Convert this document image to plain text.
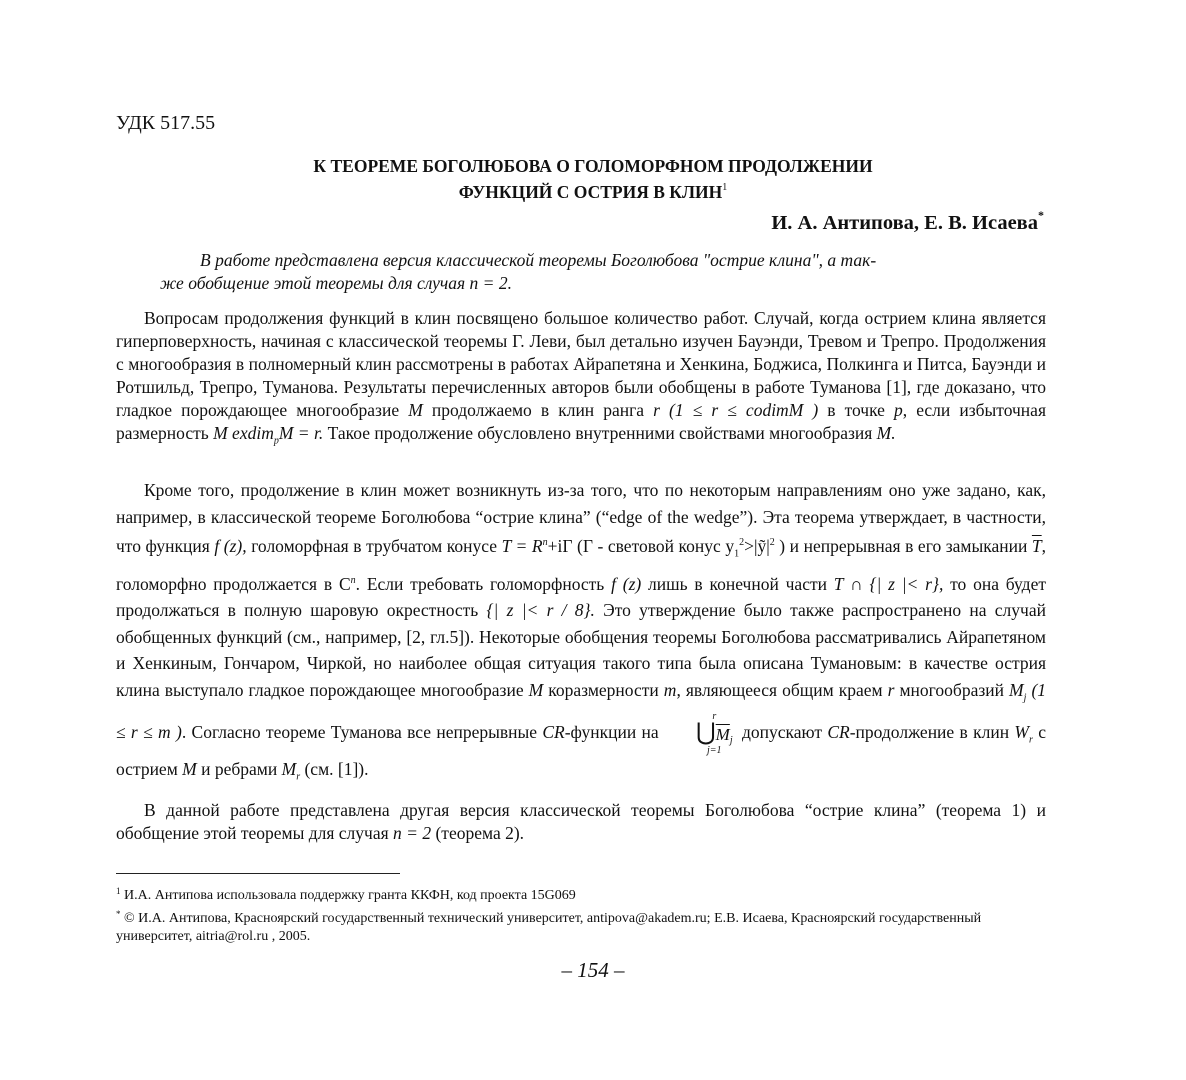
УДК 517.55
К ТЕОРЕМЕ БОГОЛЮБОВА О ГОЛОМОРФНОМ ПРОДОЛЖЕНИИ
ФУНКЦИЙ С ОСТРИЯ В КЛИН$^1$
И. А. Антипова, Е. В. Исаева*
В работе представлена версия классической теоремы Боголюбова "острие клина", а так-
же обобщение этой теоремы для случая n = 2.

Вопросам продолжения функций в клин посвящено большое количество работ. Случай, когда острием клина является гиперповерхность, начиная с классической теоремы Г. Леви, был детально изучен Бауэнди, Тревом и Трепро. Продолжения с многообразия в полномерный клин рассмотрены в работах Айрапетяна и Хенкина, Боджиса, Полкинга и Питса, Бауэнди и Ротшильд, Трепро, Туманова. Результаты перечисленных авторов были обобщены в работе Туманова [1], где доказано, что гладкое порождающее многообразие M продолжаемо в клин ранга r (1 ≤ r ≤ codimM ) в точке p, если избыточная размерность M exdim$_p$M = r. Такое продолжение обусловлено внутренними свойствами многообразия M.

Кроме того, продолжение в клин может возникнуть из-за того, что по некоторым направлениям оно уже задано, как, например, в классической теореме Боголюбова “острие клина” (“edge of the wedge”). Эта теорема утверждает, в частности, что функция f (z), голоморфная в трубчатом конусе $T = R^n+i\Gamma$ (Γ - световой конус $y_1^2>|ỹ|^2$ ) и непрерывная в его замыкании $\overline{T}$, голоморфно продолжается в $C^n$. Если требовать голоморфность f (z) лишь в конечной части T ∩ {| z |< r}, то она будет продолжаться в полную шаровую окрестность {| z |< r / 8}. Это утверждение было также распространено на случай обобщенных функций (см., например, [2, гл.5]). Некоторые обобщения теоремы Боголюбова рассматривались Айрапетяном и Хенкиным, Гончаром, Чиркой, но наиболее общая ситуация такого типа была описана Тумановым: в качестве острия клина выступало гладкое порождающее многообразие M коразмерности m, являющееся общим краем r многообразий $M_j$ (1 ≤ r ≤ m ). Согласно теореме Туманова все непрерывные CR-функции на
r
$⋃\overline{M}_j$
j=1
допускают CR-продолжение в клин $W_r$ с острием M и ребрами $M_r$ (см. [1]).

В данной работе представлена другая версия классической теоремы Боголюбова “острие клина” (теорема 1) и обобщение этой теоремы для случая n = 2 (теорема 2).

$^1$ И.А. Антипова использовала поддержку гранта ККФН, код проекта 15G069

* © И.А. Антипова, Красноярский государственный технический университет, antipova@akadem.ru; Е.В. Исаева, Красноярский государственный университет, aitria@rol.ru , 2005.

– 154 –
